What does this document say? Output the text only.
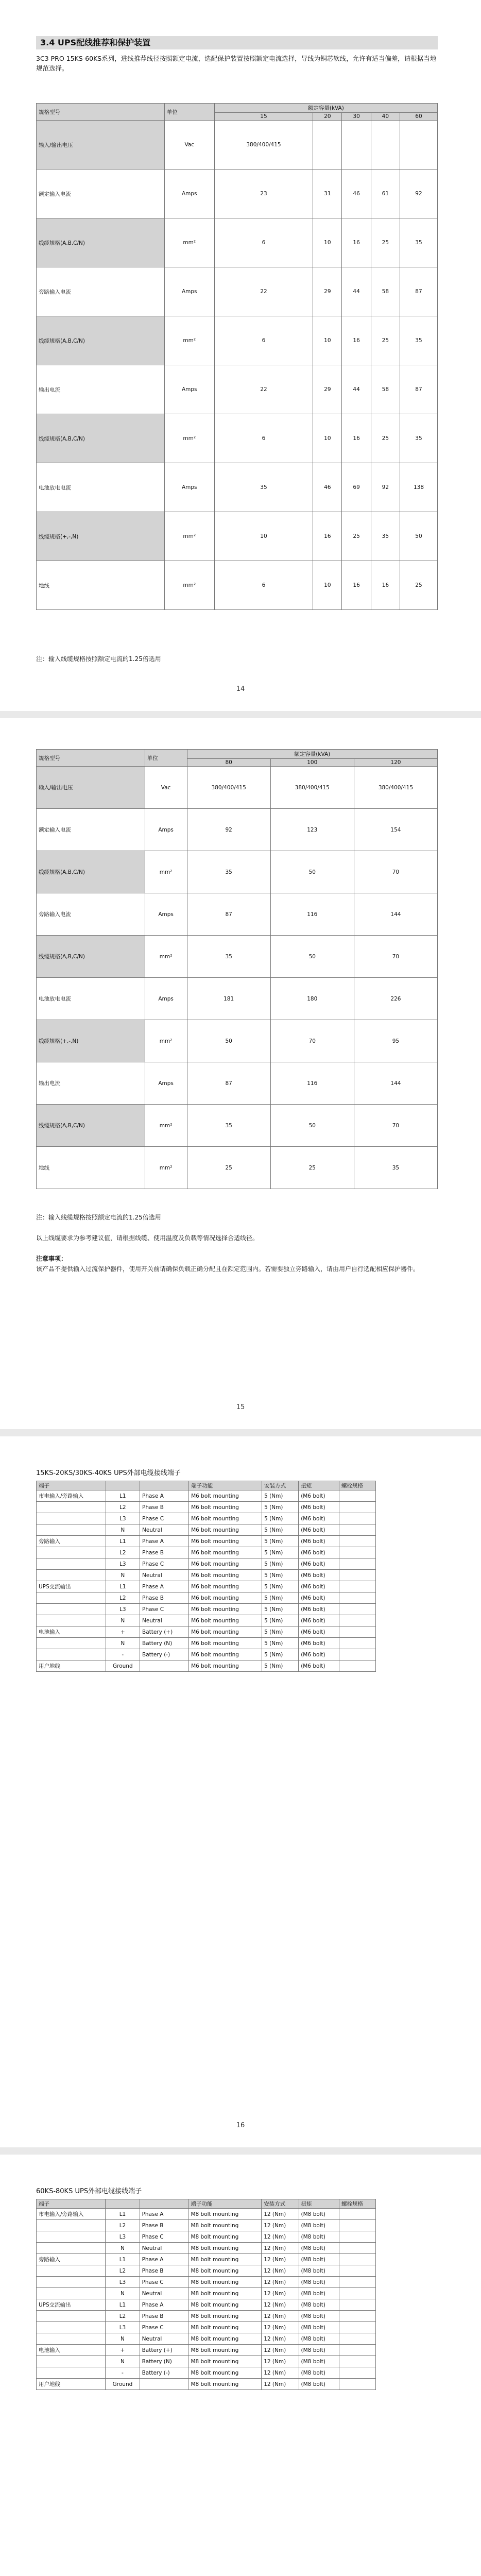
3.4 UPS配线推荐和保护装置
3C3 PRO 15KS-60KS系列，进线推荐线径按照额定电流，选配保护装置按照额定电流选择，导线为铜芯软线，允许有适当偏差，请根据当地规范选择。
规格型号	单位	额定容量(kVA)				
		15	20	30	40	60
输入/输出电压	Vac	380/400/415				
额定输入电流	Amps	23	31	46	61	92
线缆规格(A,B,C/N)	mm²	6	10	16	25	35
旁路输入电流	Amps	22	29	44	58	87
线缆规格(A,B,C/N)	mm²	6	10	16	25	35
输出电流	Amps	22	29	44	58	87
线缆规格(A,B,C/N)	mm²	6	10	16	25	35
电池放电电流	Amps	35	46	69	92	138
线缆规格(+,-,N)	mm²	10	16	25	35	50
地线	mm²	6	10	16	16	25
注：输入线缆规格按照额定电流的1.25倍选用
14
规格型号	单位	额定容量(kVA)		
		80	100	120
输入/输出电压	Vac	380/400/415	380/400/415	380/400/415
额定输入电流	Amps	92	123	154
线缆规格(A,B,C/N)	mm²	35	50	70
旁路输入电流	Amps	87	116	144
线缆规格(A,B,C/N)	mm²	35	50	70
电池放电电流	Amps	181	180	226
线缆规格(+,-,N)	mm²	50	70	95
输出电流	Amps	87	116	144
线缆规格(A,B,C/N)	mm²	35	50	70
地线	mm²	25	25	35
注：输入线缆规格按照额定电流的1.25倍选用
以上线缆要求为参考建议值，请根据线缆、使用温度及负载等情况选择合适线径。
注意事项：
该产品不提供输入过流保护器件，使用开关前请确保负载正确分配且在额定范围内。若需要独立旁路输入，请由用户自行选配相应保护器件。
15
15KS-20KS/30KS-40KS UPS外部电缆接线端子
端子			端子功能	安装方式	扭矩	螺栓规格
市电输入/旁路输入	L1	Phase A	M6 bolt mounting	5 (Nm)	(M6 bolt)	
	L2	Phase B	M6 bolt mounting	5 (Nm)	(M6 bolt)	
	L3	Phase C	M6 bolt mounting	5 (Nm)	(M6 bolt)	
	N	Neutral	M6 bolt mounting	5 (Nm)	(M6 bolt)	
旁路输入	L1	Phase A	M6 bolt mounting	5 (Nm)	(M6 bolt)	
	L2	Phase B	M6 bolt mounting	5 (Nm)	(M6 bolt)	
	L3	Phase C	M6 bolt mounting	5 (Nm)	(M6 bolt)	
	N	Neutral	M6 bolt mounting	5 (Nm)	(M6 bolt)	
UPS交流输出	L1	Phase A	M6 bolt mounting	5 (Nm)	(M6 bolt)	
	L2	Phase B	M6 bolt mounting	5 (Nm)	(M6 bolt)	
	L3	Phase C	M6 bolt mounting	5 (Nm)	(M6 bolt)	
	N	Neutral	M6 bolt mounting	5 (Nm)	(M6 bolt)	
电池输入	+	Battery (+)	M6 bolt mounting	5 (Nm)	(M6 bolt)	
	N	Battery (N)	M6 bolt mounting	5 (Nm)	(M6 bolt)	
	-	Battery (-)	M6 bolt mounting	5 (Nm)	(M6 bolt)	
用户地线	Ground		M6 bolt mounting	5 (Nm)	(M6 bolt)	
16
60KS-80KS UPS外部电缆接线端子
端子			端子功能	安装方式	扭矩	螺栓规格
市电输入/旁路输入	L1	Phase A	M8 bolt mounting	12 (Nm)	(M8 bolt)	
	L2	Phase B	M8 bolt mounting	12 (Nm)	(M8 bolt)	
	L3	Phase C	M8 bolt mounting	12 (Nm)	(M8 bolt)	
	N	Neutral	M8 bolt mounting	12 (Nm)	(M8 bolt)	
旁路输入	L1	Phase A	M8 bolt mounting	12 (Nm)	(M8 bolt)	
	L2	Phase B	M8 bolt mounting	12 (Nm)	(M8 bolt)	
	L3	Phase C	M8 bolt mounting	12 (Nm)	(M8 bolt)	
	N	Neutral	M8 bolt mounting	12 (Nm)	(M8 bolt)	
UPS交流输出	L1	Phase A	M8 bolt mounting	12 (Nm)	(M8 bolt)	
	L2	Phase B	M8 bolt mounting	12 (Nm)	(M8 bolt)	
	L3	Phase C	M8 bolt mounting	12 (Nm)	(M8 bolt)	
	N	Neutral	M8 bolt mounting	12 (Nm)	(M8 bolt)	
电池输入	+	Battery (+)	M8 bolt mounting	12 (Nm)	(M8 bolt)	
	N	Battery (N)	M8 bolt mounting	12 (Nm)	(M8 bolt)	
	-	Battery (-)	M8 bolt mounting	12 (Nm)	(M8 bolt)	
用户地线	Ground		M8 bolt mounting	12 (Nm)	(M8 bolt)	
